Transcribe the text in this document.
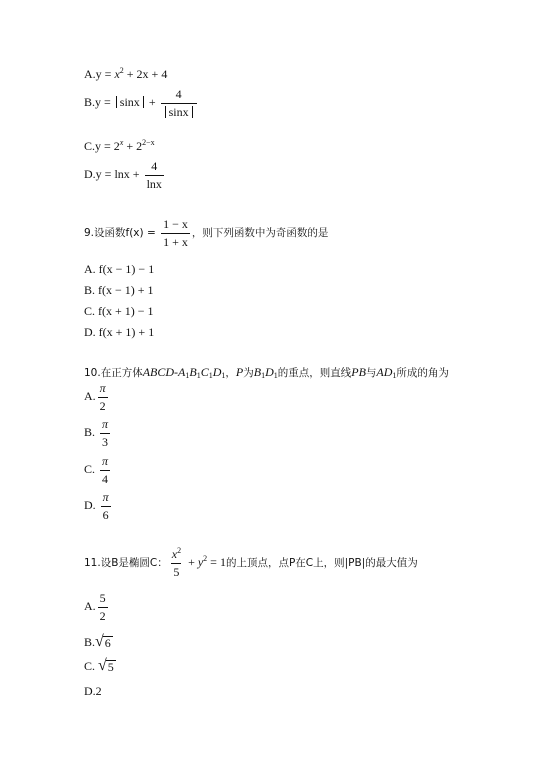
$A.y = x^2 + 2x + 4$
$B.y = \sin x + \frac{4}{\sin x}$
$C.y = 2^x + 2^{2-x}$
$D.y = \ln x + \frac{4}{\ln x}$
9.设函数$f(x) = \frac{1 - x}{1 + x}$ ，则下列函数中为奇函数的是
A. f(x − 1) − 1
B. f(x − 1) + 1
C. f(x + 1) − 1
D. f(x + 1) + 1
10.在正方体ABCD-$A_1B_1C_1D_1$，P为$B_1D_1$的重点，则直线PB与$AD_1$所成的角为
A. $\frac{\pi}{2}$
B. $\frac{\pi}{3}$
C. $\frac{\pi}{4}$
D. $\frac{\pi}{6}$
11.设B是椭圆C： $\frac{x^2}{5} + y^2 = 1$的上顶点，点P在C上，则|PB|的最大值为
A. $\frac{5}{2}$
B. √ 6
C. √ 5
D.2
